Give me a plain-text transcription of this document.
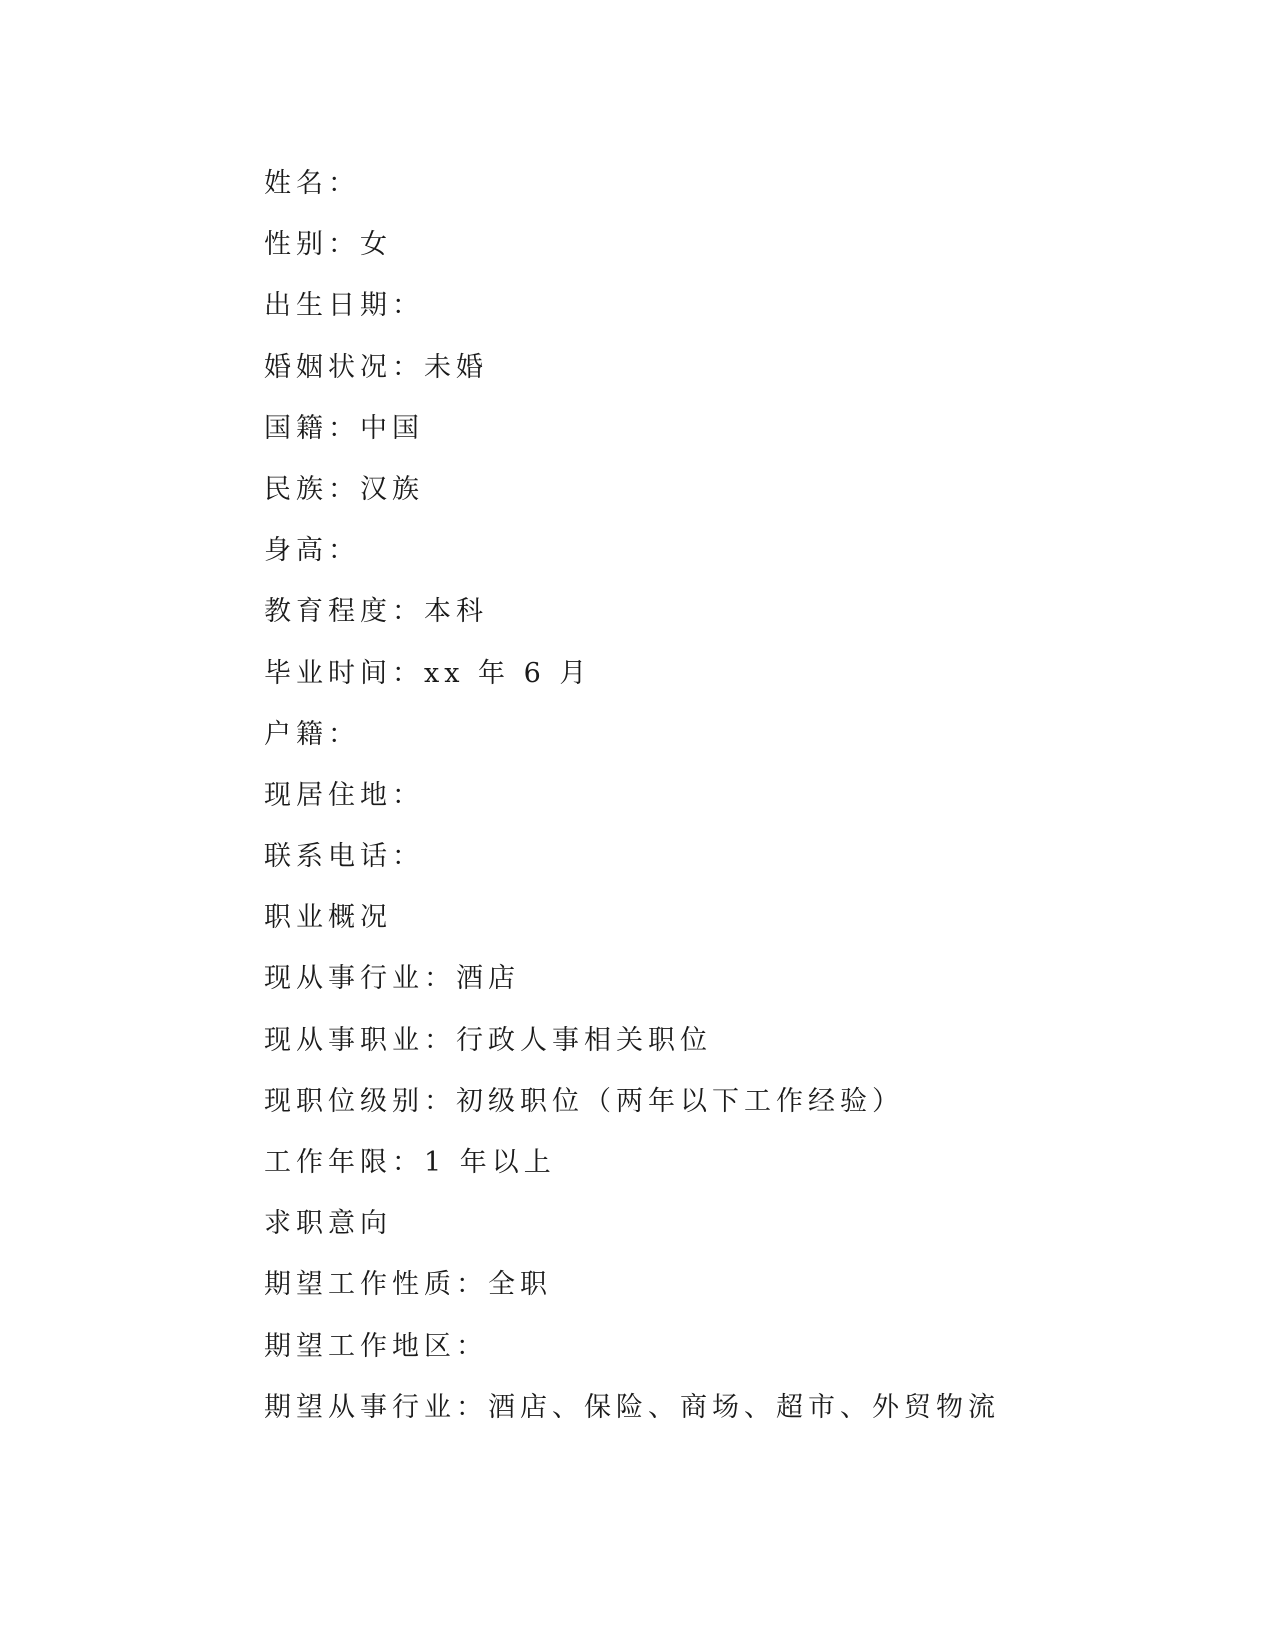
姓名：
性别：女
出生日期：
婚姻状况：未婚
国籍：中国
民族：汉族
身高：
教育程度：本科
毕业时间：xx 年 6 月
户籍：
现居住地：
联系电话：
职业概况
现从事行业：酒店
现从事职业：行政人事相关职位
现职位级别：初级职位（两年以下工作经验）
工作年限：1 年以上
求职意向
期望工作性质：全职
期望工作地区：
期望从事行业：酒店、保险、商场、超市、外贸物流
